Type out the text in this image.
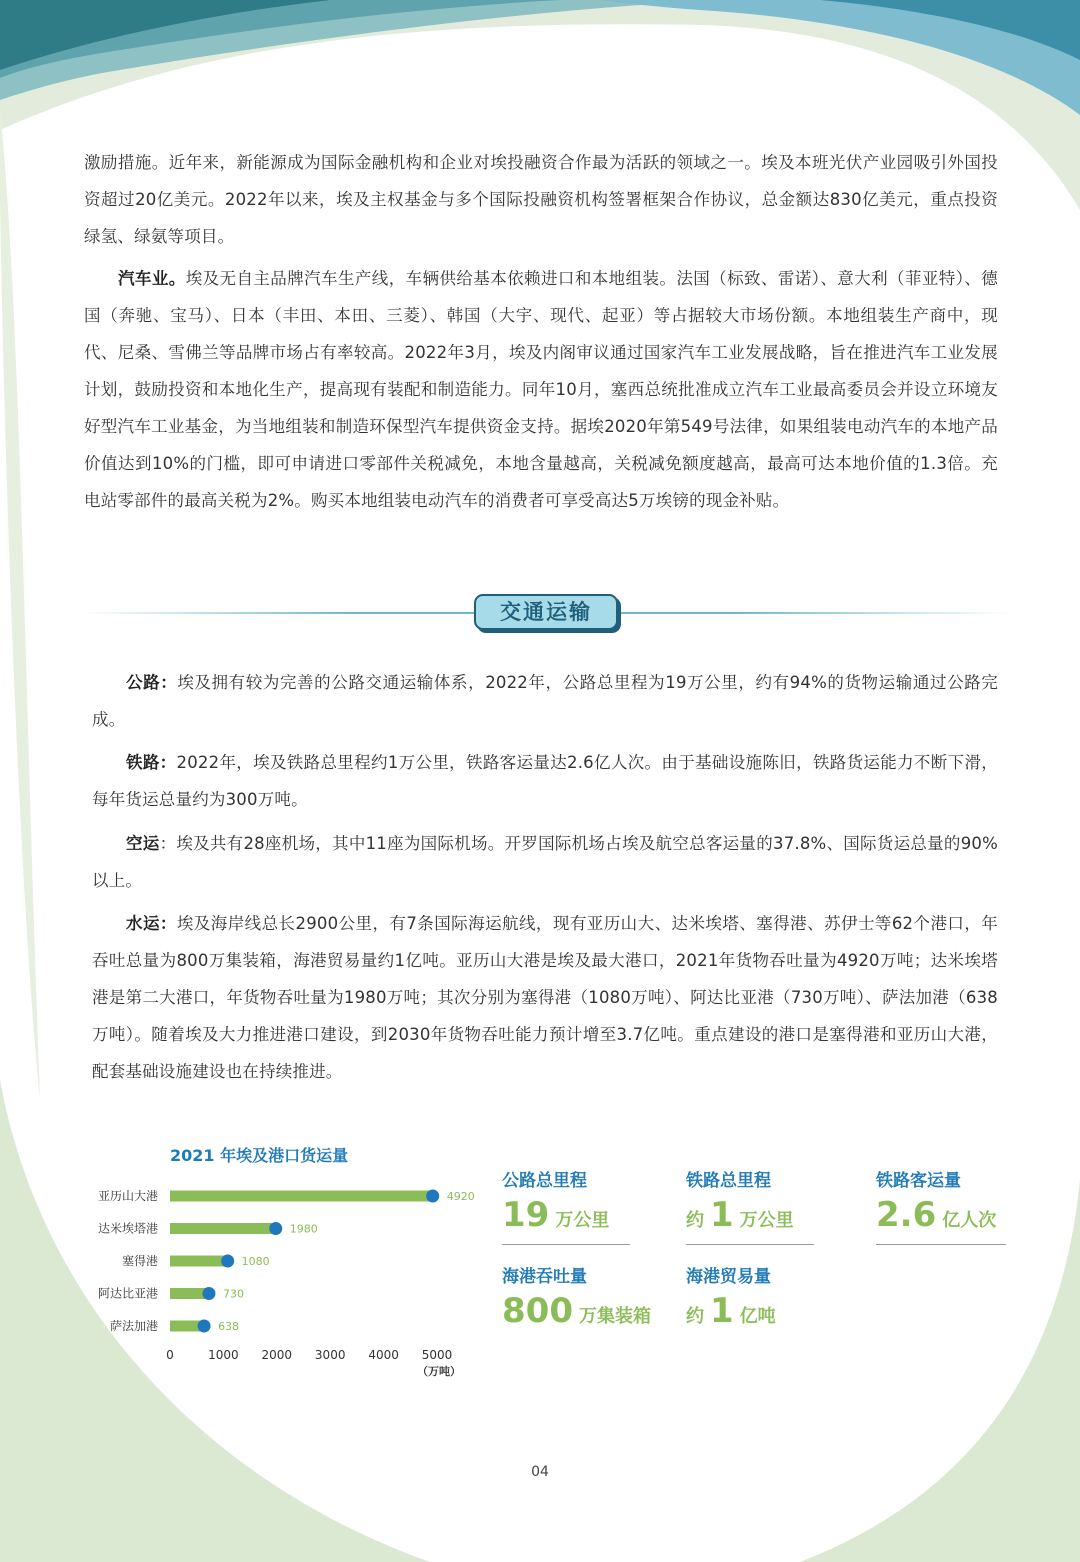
激励措施。近年来，新能源成为国际金融机构和企业对埃投融资合作最为活跃的领域之一。埃及本班光伏产业园吸引外国投资超过20亿美元。2022年以来，埃及主权基金与多个国际投融资机构签署框架合作协议，总金额达830亿美元，重点投资绿氢、绿氨等项目。

汽车业。埃及无自主品牌汽车生产线，车辆供给基本依赖进口和本地组装。法国（标致、雷诺）、意大利（菲亚特）、德国（奔驰、宝马）、日本（丰田、本田、三菱）、韩国（大宇、现代、起亚）等占据较大市场份额。本地组装生产商中，现代、尼桑、雪佛兰等品牌市场占有率较高。2022年3月，埃及内阁审议通过国家汽车工业发展战略，旨在推进汽车工业发展计划，鼓励投资和本地化生产，提高现有装配和制造能力。同年10月，塞西总统批准成立汽车工业最高委员会并设立环境友好型汽车工业基金，为当地组装和制造环保型汽车提供资金支持。据埃2020年第549号法律，如果组装电动汽车的本地产品价值达到10%的门槛，即可申请进口零部件关税减免，本地含量越高，关税减免额度越高，最高可达本地价值的1.3倍。充电站零部件的最高关税为2%。购买本地组装电动汽车的消费者可享受高达5万埃镑的现金补贴。

交通运输

公路：埃及拥有较为完善的公路交通运输体系，2022年，公路总里程为19万公里，约有94%的货物运输通过公路完成。

铁路：2022年，埃及铁路总里程约1万公里，铁路客运量达2.6亿人次。由于基础设施陈旧，铁路货运能力不断下滑，每年货运总量约为300万吨。

空运：埃及共有28座机场，其中11座为国际机场。开罗国际机场占埃及航空总客运量的37.8%、国际货运总量的90%以上。

水运：埃及海岸线总长2900公里，有7条国际海运航线，现有亚历山大、达米埃塔、塞得港、苏伊士等62个港口，年吞吐总量为800万集装箱，海港贸易量约1亿吨。亚历山大港是埃及最大港口，2021年货物吞吐量为4920万吨；达米埃塔港是第二大港口，年货物吞吐量为1980万吨；其次分别为塞得港（1080万吨）、阿达比亚港（730万吨）、萨法加港（638万吨）。随着埃及大力推进港口建设，到2030年货物吞吐能力预计增至3.7亿吨。重点建设的港口是塞得港和亚历山大港，配套基础设施建设也在持续推进。

2021 年埃及港口货运量
亚历山大港	4920
达米埃塔港	1980
塞得港	1080
阿达比亚港	730
萨法加港	638
0	1000 2000 3000 4000 5000
（万吨）
公路总里程
19 万公里
铁路总里程
约 1 万公里
铁路客运量
2.6 亿人次
海港吞吐量
800 万集装箱
海港贸易量
约 1 亿吨
04
